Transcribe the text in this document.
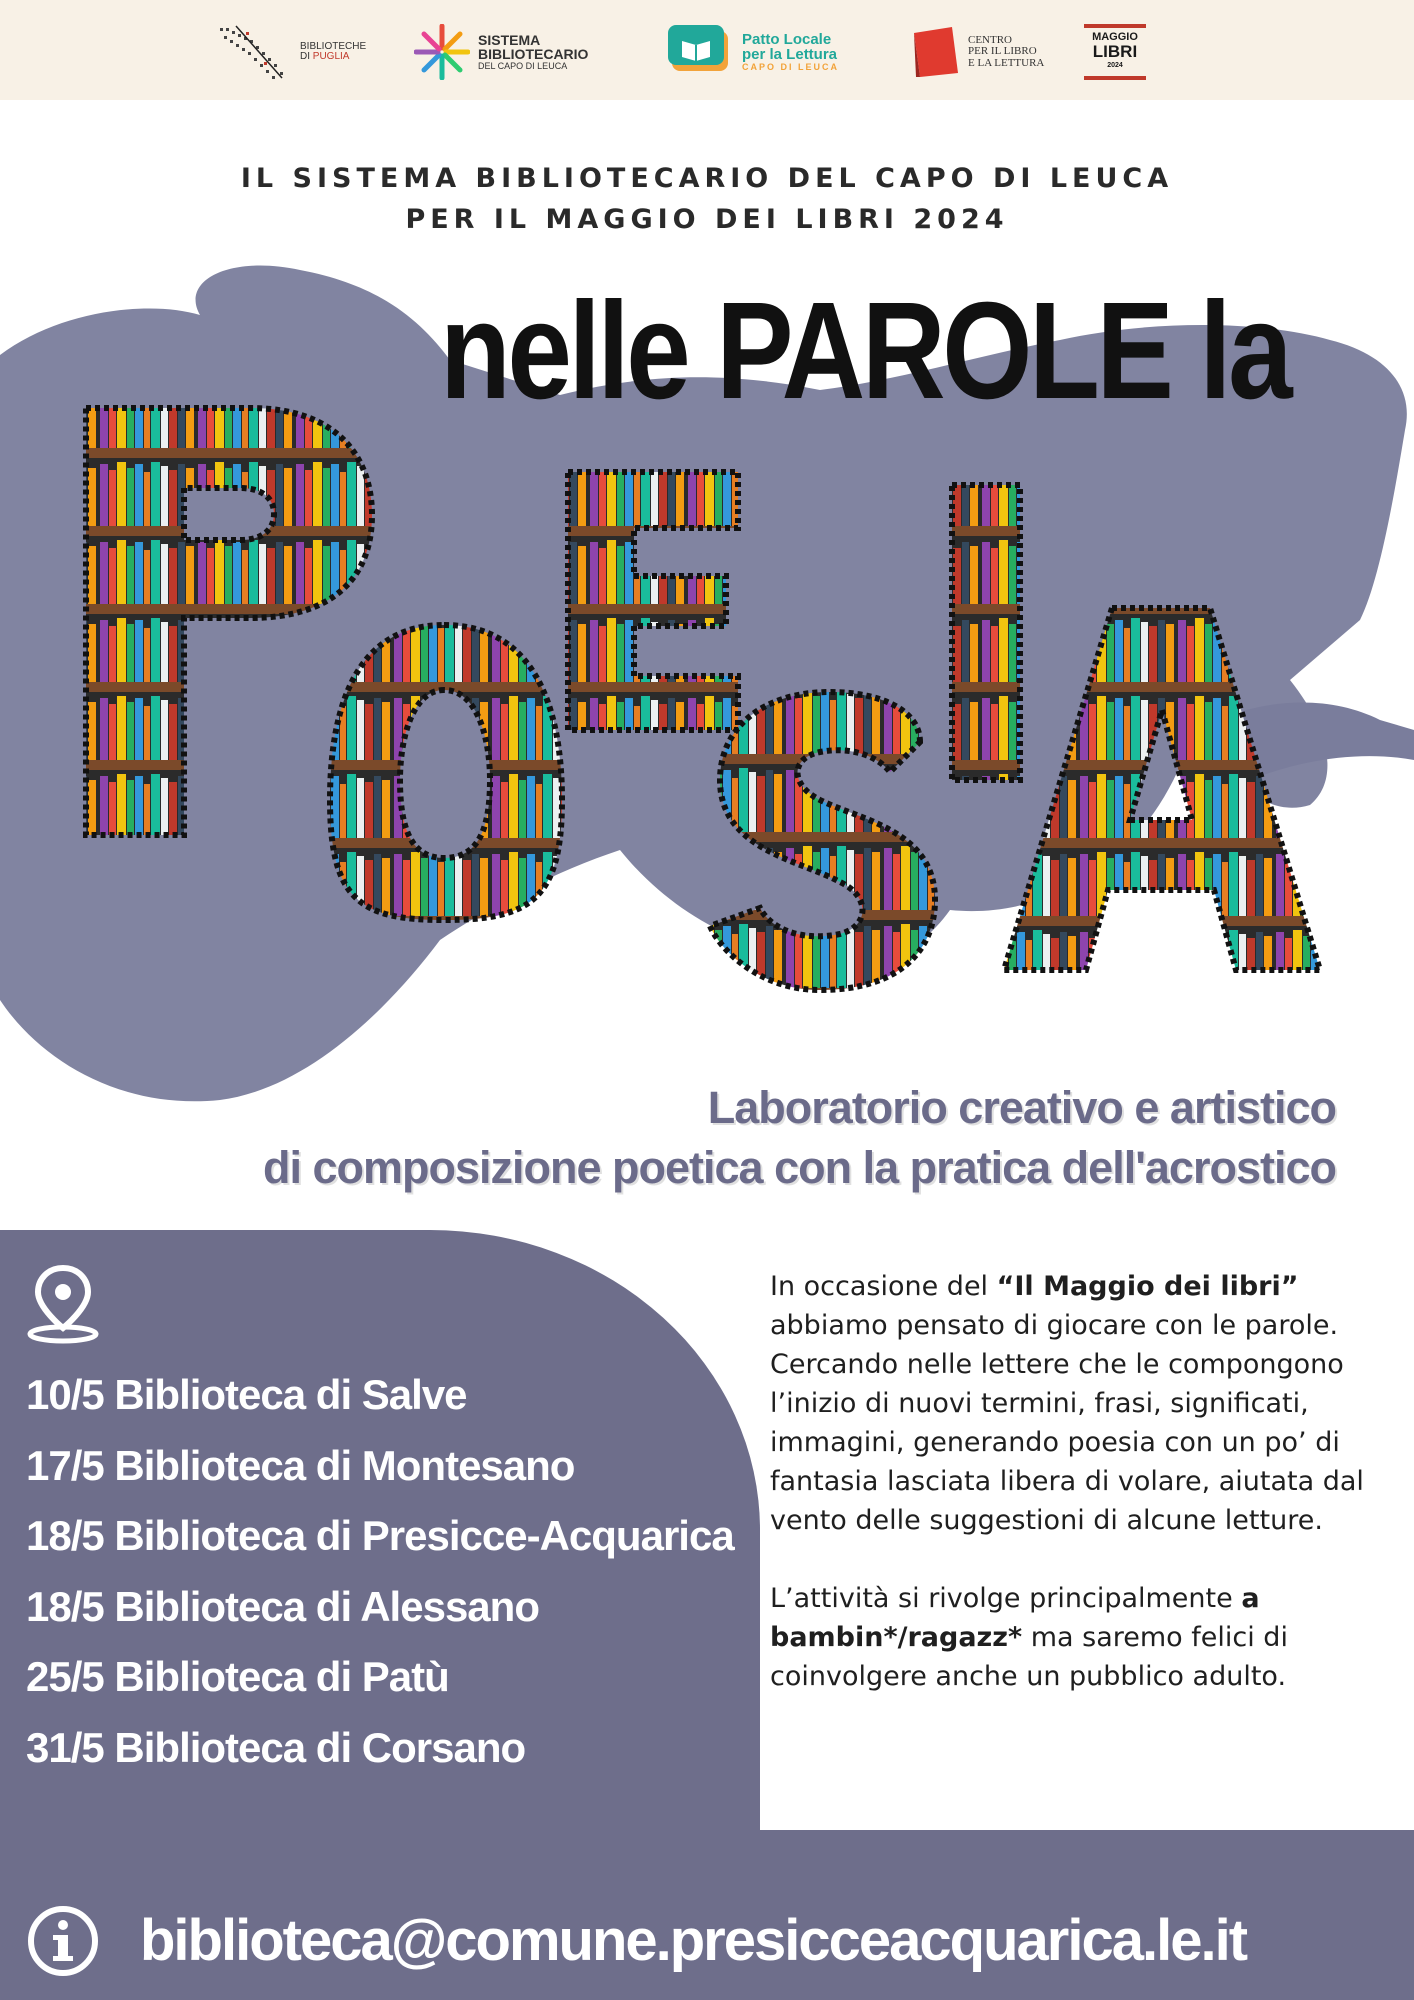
BIBLIOTECHE
DI PUGLIA
SISTEMA
BIBLIOTECARIO
DEL CAPO DI LEUCA
Patto Locale
per la Lettura
CAPO DI LEUCA
CENTRO
PER IL LIBRO
E LA LETTURA
MAGGIO
LIBRI
2024
IL SISTEMA BIBLIOTECARIO DEL CAPO DI LEUCA
PER IL MAGGIO DEI LIBRI 2024
nelle PAROLE la
Laboratorio creativo e artistico
di composizione poetica con la pratica dell'acrostico
10/5 Biblioteca di Salve
17/5 Biblioteca di Montesano
18/5 Biblioteca di Presicce-Acquarica
18/5 Biblioteca di Alessano
25/5 Biblioteca di Patù
31/5 Biblioteca di Corsano

In occasione del “Il Maggio dei libri” abbiamo pensato di giocare con le parole. Cercando nelle lettere che le compongono l’inizio di nuovi termini, frasi, significati, immagini, generando poesia con un po’ di fantasia lasciata libera di volare, aiutata dal vento delle suggestioni di alcune letture.

L’attività si rivolge principalmente a bambin*/ragazz* ma saremo felici di coinvolgere anche un pubblico adulto.

biblioteca@comune.presicceacquarica.le.it
